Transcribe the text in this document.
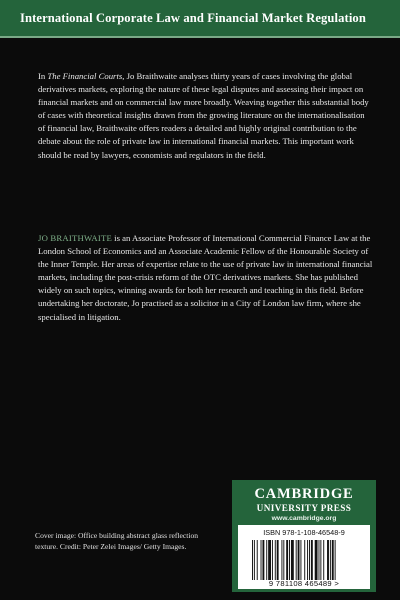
International Corporate Law and Financial Market Regulation

In The Financial Courts, Jo Braithwaite analyses thirty years of cases involving the global derivatives markets, exploring the nature of these legal disputes and assessing their impact on financial markets and on commercial law more broadly. Weaving together this substantial body of cases with theoretical insights drawn from the growing literature on the internationalisation of financial law, Braithwaite offers readers a detailed and highly original contribution to the debate about the role of private law in international financial markets. This important work should be read by lawyers, economists and regulators in the field.

JO BRAITHWAITE is an Associate Professor of International Commercial Finance Law at the London School of Economics and an Associate Academic Fellow of the Honourable Society of the Inner Temple. Her areas of expertise relate to the use of private law in international financial markets, including the post-crisis reform of the OTC derivatives markets. She has published widely on such topics, winning awards for both her research and teaching in this field. Before undertaking her doctorate, Jo practised as a solicitor in a City of London law firm, where she specialised in litigation.

Cover image: Office building abstract glass reflection texture. Credit: Peter Zelei Images/ Getty Images.
CAMBRIDGE
UNIVERSITY PRESS
www.cambridge.org
ISBN 978-1-108-46548-9
9 781108 465489 >
